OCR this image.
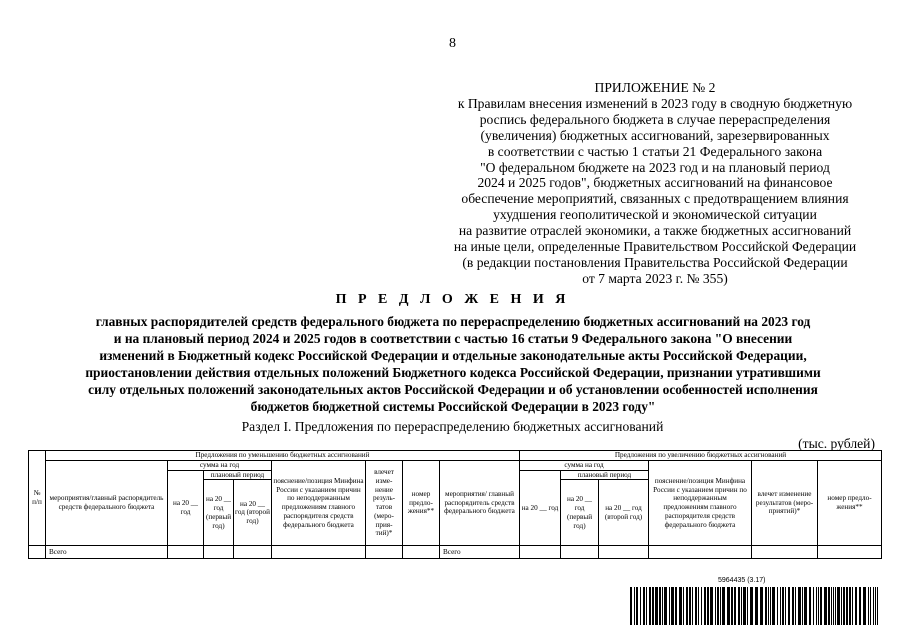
8
ПРИЛОЖЕНИЕ № 2
к Правилам внесения изменений в 2023 году в сводную бюджетную
роспись федерального бюджета в случае перераспределения
(увеличения) бюджетных ассигнований, зарезервированных
в соответствии с частью 1 статьи 21 Федерального закона
"О федеральном бюджете на 2023 год и на плановый период
2024 и 2025 годов", бюджетных ассигнований на финансовое
обеспечение мероприятий, связанных с предотвращением влияния
ухудшения геополитической и экономической ситуации
на развитие отраслей экономики, а также бюджетных ассигнований
на иные цели, определенные Правительством Российской Федерации
(в редакции постановления Правительства Российской Федерации
от 7 марта 2023 г. № 355)
П Р Е Д Л О Ж Е Н И Я
главных распорядителей средств федерального бюджета по перераспределению бюджетных ассигнований на 2023 год
и на плановый период 2024 и 2025 годов в соответствии с частью 16 статьи 9 Федерального закона "О внесении
изменений в Бюджетный кодекс Российской Федерации и отдельные законодательные акты Российской Федерации,
приостановлении действия отдельных положений Бюджетного кодекса Российской Федерации, признании утратившими
силу отдельных положений законодательных актов Российской Федерации и об установлении особенностей исполнения
бюджетов бюджетной системы Российской Федерации в 2023 году"
Раздел I. Предложения по перераспределению бюджетных ассигнований
(тыс. рублей)
№ п/п	Предложения по уменьшению бюджетных ассигнований								Предложения по увеличению бюджетных ассигнований					
	мероприятия/главный распорядитель средств федерального бюджета	сумма на год			пояснение/позиция Минфина России с указанием причин по неподдержанным предложениям главного распорядителя средств федерального бюджета	влечет изме- нение резуль- татов (меро- прия- тий)*	номер предло- жения**	мероприятия/ главный распорядитель средств федерального бюджета	сумма на год			пояснение/позиция Минфина России с указанием причин по неподдержанным предложениям главного распорядителя средств федерального бюджета	влечет изменение результатов (меро- приятий)*	номер предло- жения**
		на 20 __ год	плановый период						на 20 __ год	плановый период				
			на 20 __ год (первый год)	на 20 __ год (второй год)						на 20 __ год (первый год)	на 20 __ год (второй год)			
	Всего							Всего						
5964435 (3.17)
